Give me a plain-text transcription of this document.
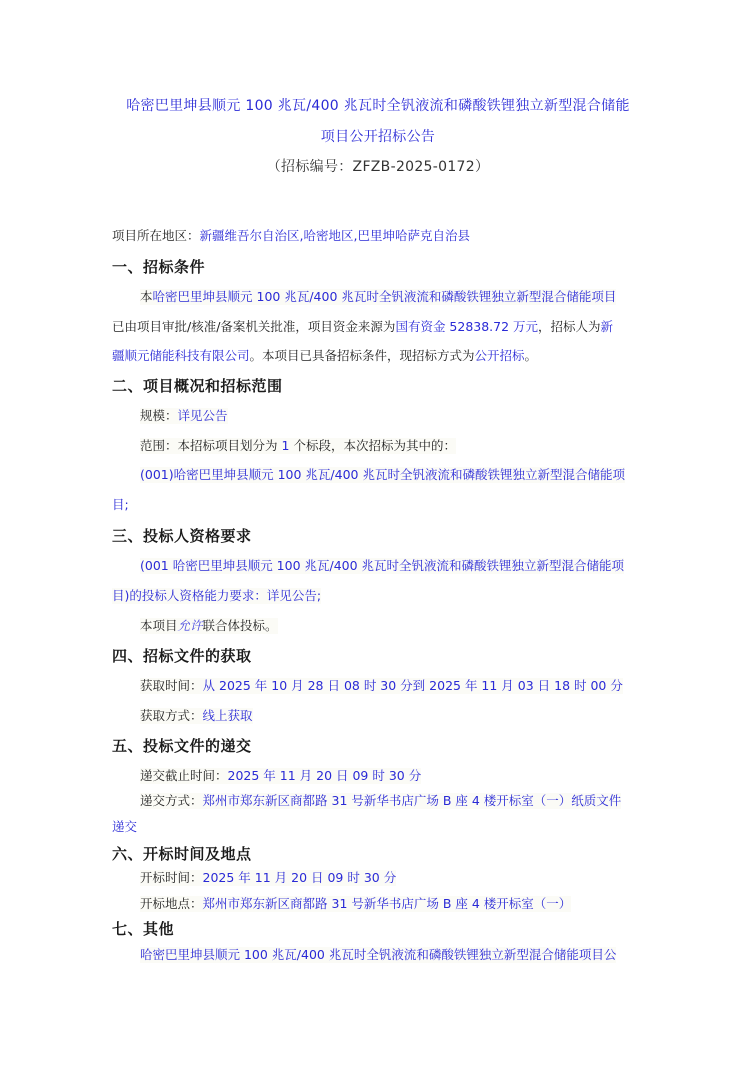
哈密巴里坤县顺元 100 兆瓦/400 兆瓦时全钒液流和磷酸铁锂独立新型混合储能
项目公开招标公告
（招标编号：ZFZB-2025-0172）
项目所在地区：新疆维吾尔自治区,哈密地区,巴里坤哈萨克自治县
一、招标条件
本哈密巴里坤县顺元 100 兆瓦/400 兆瓦时全钒液流和磷酸铁锂独立新型混合储能项目
已由项目审批/核准/备案机关批准，项目资金来源为国有资金 52838.72 万元，招标人为新
疆顺元储能科技有限公司。本项目已具备招标条件，现招标方式为公开招标。
二、项目概况和招标范围
规模：详见公告
范围：本招标项目划分为 1 个标段，本次招标为其中的：
(001)哈密巴里坤县顺元 100 兆瓦/400 兆瓦时全钒液流和磷酸铁锂独立新型混合储能项
目;
三、投标人资格要求
(001 哈密巴里坤县顺元 100 兆瓦/400 兆瓦时全钒液流和磷酸铁锂独立新型混合储能项
目)的投标人资格能力要求：详见公告;
本项目允许联合体投标。
四、招标文件的获取
获取时间：从 2025 年 10 月 28 日 08 时 30 分到 2025 年 11 月 03 日 18 时 00 分
获取方式：线上获取
五、投标文件的递交
递交截止时间：2025 年 11 月 20 日 09 时 30 分
递交方式：郑州市郑东新区商都路 31 号新华书店广场 B 座 4 楼开标室（一）纸质文件
递交
六、开标时间及地点
开标时间：2025 年 11 月 20 日 09 时 30 分
开标地点：郑州市郑东新区商都路 31 号新华书店广场 B 座 4 楼开标室（一）
七、其他
哈密巴里坤县顺元 100 兆瓦/400 兆瓦时全钒液流和磷酸铁锂独立新型混合储能项目公
